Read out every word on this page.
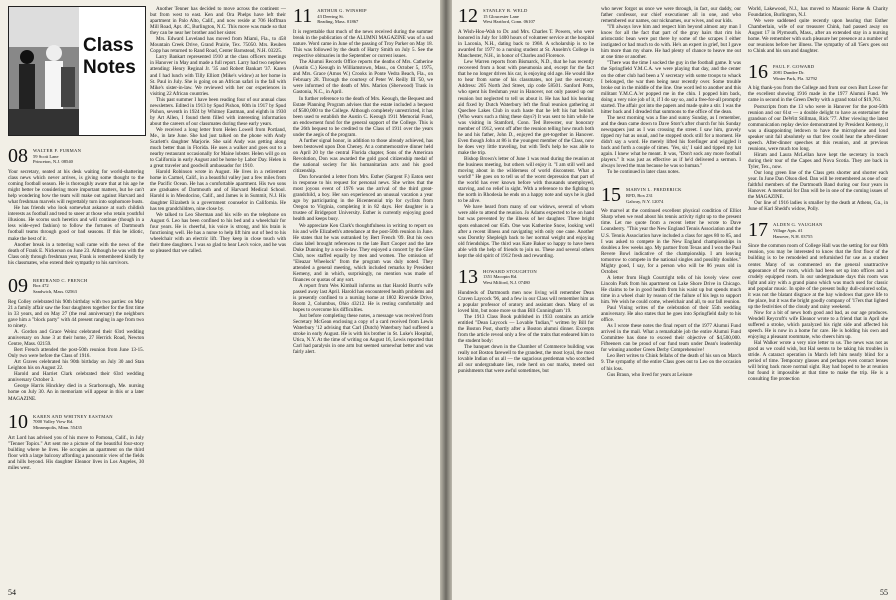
Class
Notes
08 WALTER F. FURMAN
59 Scott Lane
Princeton, N.J. 08540

Your secretary, seated at his desk waiting for world-shattering class news which never arrives, is giving some thought to the coming football season. He is thoroughly aware that at his age he might better be considering more important matters, but he can't help wondering how the team will make out against Harvard and what freshman marvels will regrettably turn into sophomore busts.

He has friends who look somewhat askance at such childish interests as football and tend to sneer at those who retain youthful illusions. He scorns such heretics and will continue (though in a less wide-eyed fashion) to follow the fortunes of Dartmouth football teams through good or bad seasons. If this be idiotic, make the best of it.

Another break in a tottering wall came with the news of the death of Frank E. Nickerson on June 23. Although he was with the Class only through freshman year, Frank is remembered kindly by his classmates, who extend their sympathy to his survivors.

09 BERTRAND C. FRENCH
Box 472
Sandwich, Mass. 02563

Reg Colley celebrated his 90th birthday with two parties: on May 21 a family affair saw the four daughters together for the first time in 33 years, and on May 27 (the real anniversary) the neighbors gave him a "block party" with 44 present ranging in age from two to ninety.

A. Gordon and Grace Weinz celebrated their 63rd wedding anniversary on June 3 at their home, 27 Herrick Road, Newton Centre, Mass. 02159.

Bert French attended the post-50th reunion from June 13-15. Only two were before the Class of 1916.

Art Graves celebrated his 90th birthday on July 30 and Stan Leighton his on August 22.

Harold and Harriet Clark celebrated their 63rd wedding anniversary October 3.

George Harris Hinckley died in a Scarborough, Me. nursing home on July 30. An in memoriam will appear in this or a later MAGAZINE.

10 KAREN AND WHITNEY EASTMAN
7000 Valley View Rd.
Minneapolis, Minn. 55435

Art Lord has advised you of his move to Pomona, Calif., in July "Tenner Topics." Art sent me a picture of the beautiful four-story building where he lives. He occupies an apartment on the third floor with a large balcony affording a panoramic view of the fields and hills beyond. His daughter Eleanor lives in Los Angeles, 30 miles west.

Another Tenner has decided to move across the continent — but from west to east. Ken and Ora Phelps have left their apartment in Palo Alto, Calif., and now reside at 706 Hoffman Mill Road, Apt. 4C, Burlington, N.C. This move was made so that they can be near her brother and her sister.

Mrs. Edward Loveland has moved from Miami, Fla., to 458 Mountain Creek Drive, Grand Prairie, Tex. 75050. Mrs. Reuben Copp has returned to Rand Road, Center Barnstead, N.H. 03225.

Larry Bankart represented 1910 at the class officers meetings in Hanover in May and made a full report. Larry had two nephews attending: Henry Reginal Jr. '35 and Robert Bankart '37. Karen and I had lunch with Tilly Elliott (Mike's widow) at her home in St. Paul in July. She is going on an African safari in the fall with Mike's sister-in-law. We reviewed with her our experiences in visiting 22 African countries.

This past summer I have been reading four of our annual class newsletters. Edited in 1913 by Spud Pishon, 60th in 1917 by Spud Pishon, seventh in 1924 by Whitney Eastman, and eighth in 1930 by Art Allen, I found them filled with interesting information about the careers of our classmates during these early years.

We received a long letter from Helen Lowell from Portland, Me., in late June. She had just talked on the phone with Andy Scarlett's daughter Marjorie. She said Andy was getting along much better than in Florida. He uses a walker and goes out to a nearby restaurant occasionally for Maine lobster. Helen will go on to California in early August and be home by Labor Day. Helen is a great traveler and goodwill ambassador for 1910.

Harold Robinson wrote in August. He lives in a retirement home in Carmel, Calif., in a beautiful valley just a few miles from the Pacific Ocean. He has a comfortable apartment. His two sons are graduates of Dartmouth and of Harvard Medical School. Harold is in Mendocino, Calif., and James is in Summit, N.J. His daughter Elizabeth is a government counselor in California. He has ten grandchildren, nine close by.

We talked to Leo Sherman and his wife on the telephone on August 6. Leo has been confined to his bed and a wheelchair for four years. He is cheerful, his voice is strong, and his brain is functioning well. He has a nurse to help lift him out of bed to his wheelchair with an electric lift. They keep in close touch with their three daughters. I was so glad to hear Leo's voice, and he was so pleased that we called.

11 ARTHUR G. WINSHIP
43 Deering St.
Reading, Mass. 01867

It is regrettable that much of the news received during the summer break in the publication of the ALUMNI MAGAZINE was of a sad nature. Word came in June of the passing of Troy Parker on May 18. This was followed by the death of Harry Smith on July 5. See the respective obituaries in the September or current issues.

The Alumni Records Office reports the deaths of Mrs. Catherine (Austin C.) Keough in Williamstown, Mass., on October 5, 1975, and Mrs. Grace (Amos W.) Crooks in Ponte Vedra Beach, Fla., on February 28. Through the courtesy of Peter W. Reilly III '50, we were informed of the death of Mrs. Marion (Sherwood) Trask in Gastonia, N.C., in April.

In further reference to the death of Mrs. Keough, the Bequest and Estate Planning Program advises that the estate included a bequest of $500,000 to the College. Although completely unrestricted, it has been used to establish the Austin C. Keough 1911 Memorial Fund, an endowment fund for the general support of the College. This is the 26th bequest to be credited to the Class of 1911 over the years under the aegis of the program.

A further signal honor, in addition to those already achieved, has been bestowed upon Don Cheney. At a commemorative dinner held on April 20 by the central Florida chapter, Sons of the American Revolution, Don was awarded the gold good citizenship medal of the national society for his humanitarian acts and his good citizenship.

Don forwarded a letter from Mrs. Esther (Sargent F.) Eaton sent in response to his request for personal news. She writes that the most joyous event of 1976 was the arrival of the third great-grandchild, a boy. Her son experienced an unusual vacation a year ago by participating in the Bicentennial trip for cyclists from Oregon to Virginia, completing it in 82 days. Her daughter is a trustee of Bridgeport University. Esther is currently enjoying good health and keeps busy.

We appreciate Ken Clark's thoughtfulness in writing to report on his and wife Elizabeth's attendance at the post-50th reunion in June. He states that he was outranked by Bert French '09. But his own class label brought references to the late Burt Cooper and the late Duke Dunning by a son-in-law. They enjoyed a concert by the Glee Club, now staffed equally by men and women. The omission of "Eleazar Wheelock" from the program was duly noted. They attended a general meeting, which included remarks by President Kemeny, and in which, surprisingly, no mention was made of finances or quotas of any sort.

A report from Wes Kimball informs us that Harold Burtt's wife passed away last April. Harold has encountered health problems and is presently confined to a nursing home at 1802 Riverside Drive, Room 2, Columbus, Ohio 43212. He is resting comfortably and hopes to overcome his difficulties.

Just before completing these notes, a message was received from Secretary McGean enclosing a copy of a card received from Lewis Waterbury '12 advising that Carl (Dutch) Waterbury had suffered a stroke in early August. He is with his brother in St. Luke's Hospital, Utica, N.Y. At the time of writing on August 16, Lewis reported that Carl had paralysis in one arm but seemed somewhat better and was fairly alert.

54
12 STANLEY B. WELD
15 Gloucester Lane
West Hartford, Conn. 06107

A Wish-Hoo-Wah to Dr. and Mrs. Charles T. Powers, who were honored in July for 1400 hours of volunteer service at the hospital in Laconia, N.H., dating back to 1968. A scholarship is to be awarded for 1977 to a nursing student at St. Anselm's College in Manchester, N.H., in honor of Charles and Florence.

Lew Warren reports from Bismarck, N.D., that he has recently recovered from a bout with pneumonia and, except for the fact that he no longer drives his car, is enjoying old age. He would like to hear from some of his classmates, not just the secretary. Address: 205 North 2nd Street, zip code 58501. Sanford Potts, who spent his freshman year in Hanover, not only passed up our reunion but neglected to tell us about it. He has had his hearing aid fixed by Dutch Waterbury left the final reunion gathering at Quechee Lakes Club in such haste that he left his hat behind. (Who wears such a thing these days?) It was sent to him while he was visiting in Stamford, Conn. Ted Brewster, our honorary member of 1912, went off after the reunion telling how much both he and his father, John D., enjoyed the get-together in Hanover. Even though John at 86 is the youngest member of the Class, now he does very little traveling, but with Ted's help he was able to make the trip.

Bishop Brown's letter of June 1 was read during the reunion at the business meeting, but others will enjoy it. "I am still well and moving about in the wilderness of world discontent. What a world!" He goes on to tell us of the worst depression that part of the world has ever known before with thousands unemployed, starving, and no relief in sight. With a reference to the fighting to the north in Rhodesia he ends on a happy note and says he is glad to be alive.

We have heard from many of our widows, several of whom were able to attend the reunion. Jo Adams expected to be on hand but was prevented by the illness of her daughter. Three bright spots enhanced our 65th. One was Katherine Snow, looking well after a recent illness and navigating with only one cane. Another was Dorothy Shepleigh back to her normal weight and enjoying old friendships. The third was Kate Baker so happy to have been able with the help of friends to join us. These and several others kept the old spirit of 1912 fresh and rewarding.

13 HOWARD STOUGHTON
1351 Macopin Rd.
West Milford, N.J. 07480

Hundreds of Dartmouth men now living will remember Dean Craven Laycock '96, and a few in our Class will remember him as a popular professor of oratory and assistant dean. Many of us loved him, but none more so than Bill Cunningham '19.

The 1913 Class Book published in 1933 contains an article entitled "Dean Laycock — Lovable 'Indian,'" written by Bill for the Boston Post, shortly after a Boston alumni dinner. Excerpts from the article reveal only a few of the traits that endeared him to the student body:

The banquet down in the Chamber of Commerce building was really not Boston farewell to the grandest, the most loyal, the most lovable Indian of us all — the sagacious gentleman who scotched all our undergraduate lies, rode herd on our marks, meted out punishments that were awful sometimes, but

who never forgot us once we were through, in fact, our daddy, our father confessor, our chief executioner all in one, and who remembered our names, our nicknames, our wives, and our kids.

"I'll always love him and respect him beyond almost any man I know for all the fact that part of the gray hairs that rim his aristocratic bean were put there by some of the scrapes I either instigated or had much to do with. He's an expert in grief, but I gave him more than my share. He had plenty of chance to heave me out at one time or another.

"There was the time I socked the guy in the football game. It was the Springfield Y.M.C.A. we were playing that day, and the center on the other club had been a Y secretary with some troops to whack I belonged, the war then being near recently over. Some trouble broke out in the middle of the line. One word led to another and this militant Y.M.C.A.'er popped me in the chin. I popped him back, doing a very nice job of it, if I do say so, and a free-for-all promptly started. The affair got into the papers and made quite a stir. I was the hitter back and I dreaded that summons to the office of the dean.

The next morning was a fine and sunny Sunday, as I remember, and the dean came down to Dave Storr's after church for his Sunday newspapers just as I was crossing the street. I saw him, gravely tipped my hat as usual, and he stopped stock still for a moment. He didn't say a word. He merely lifted his forefinger and wiggled it back and forth a couple of times. 'Yes, sir,' I said and tipped my hat again. I knew what he meant. It was, "Don't sock any more football players." It was just as effective as if he'd delivered a sermon. I always loved the man because he was so human."

To be continued in later class notes.

15 MARVIN L. FREDERICK
RFD, Box 231
Galway, N.Y. 12074

We marvel at the continued excellent physical condition of Elliot Sharp when we read about his tennis activity right up to the present time. Let me quote from a recent letter he wrote to Dave Lounsberry. "This year the New England Tennis Association and the U.S. Tennis Association have included a class for ages 80 to 85, and I was asked to compete in the New England championships in doubles a few weeks ago. My partner from Texas and I won the Paul Revere Bowl indicative of the championship. I am leaving tomorrow to compete in the national singles and possibly doubles." Mighty good, I say, for a person who will be 86 years old in October.

A letter from Hugh Courtright tells of his lovely view over Lincoln Park from his apartment on Lake Shore Drive in Chicago. He claims to be in good health from his waist up but spends much time in a wheel chair by reason of the failure of his legs to support him. We wish he could come, wheelchair and all, to our fall reunion.

Paul Vining writes of the celebration of their 55th wedding anniversary. He also states that he goes into Springfield daily to his office.

As I wrote these notes the final report of the 1977 Alumni Fund arrived in the mail. What a remarkable job the entire Alumni Fund Committee has done to exceed their objective of $4,500,000. Fifteeners can be proud of our fund team under Dean's leadership for winning another Green Derby Comprehensive!

Leo Bert writes to Chink fellahs of the death of his son on March 9. The sympathy of the entire Class goes out to Leo on the occasion of his loss.

Gus Braun, who lived for years at Leisure

World, Lakewood, N.J., has moved to Masonic Home & Charity Foundation, Burlington, N.J.

We were saddened quite recently upon hearing that Esther Chamberlain, wife of our treasurer Chink, had passed away on August 17 in Plymouth, Mass., after an extended stay in a nursing home. We remember with such pleasure her presence at a number of our reunions before her illness. The sympathy of all 'l5ers goes out to Chink and his son and daughter.

16 PAUL F. GOWARD
2081 Dundee Dr.
Winter Park, Fla. 32792

A big thank-you from the College and from our own Burt Lowe for the excellent showing 1916 made in the 1977 Alumni Fund. We came in second in the Green Derby with a grand total of $19,761.

Postscripts from the 13 who were in Hanover for the post-50th reunion and our 61st — a double delight to have as entertainer the grandson of our DeWitt Stillman, Rick '77. After viewing the latest communication replay device demonstrated by President Kemeny, it was a disappointing letdown to have the microphone and loud speaker unit fail absolutely so that few could hear the after-dinner speech. After-dinner speeches at this reunion, and at previous reunions, were much too long.

Hiram and Laura McLellan have kept the secretary in touch during their tour of the Capes and Nova Scotia. They are back in Tyler, Tex., now.

Our long green line of the Class gets shorter and shorter each year. In June Dan Olson died. Dan will be remembered as one of our faithful members of the Dartmouth Band during our four years in Hanover. A memorial for Dan will be in one of the coming issues of the MAGAZINE.

Our line of 1916 ladies is smaller by the death at Athens, Ga., in June of Karl Shedd's widow, Polly.

17 ALDEN G. VAUGHAN
Village Apts. #1
Hanover, N.H. 03755

Since the common room of College Hall was the setting for our 60th reunion, you may be interested to know that the first floor of the building is to be remodeled and refurnished for use as a student center. Many of us commented on the general unattractive appearance of the room, which had been set up into offices and a crudely equipped room. In our undergraduate days this room was light and airy with a grand piano which was much used for classic and popular music. In spite of the present bulky dull-colored sofas, it was not the blatant disgrace at the bay windows that gave life to the place, but it was the bright goodly company of '17ers that lighted up the festivities of the cloudy and rainy weekend.

Now for a bit of news both good and bad, as our age produces. Wendell Reycroft's wife Eleanor wrote to a friend that in April she suffered a stroke, which paralyzed his right side and affected his speech. He is now in a home for care. He is holding his own and enjoying a pleasant roommate, who cheers him up.

Hal Walker wrote a very nice letter to us. The news was not as good as we could wish, but Hal seems to be taking his troubles in stride. A cataract operation in March left him nearly blind for a period of time. Temporary glasses and perhaps even contact lenses will bring back more normal sight. Ray had hoped to be at reunion but found it impossible at that time to make the trip. He is a consulting fire protection

55
